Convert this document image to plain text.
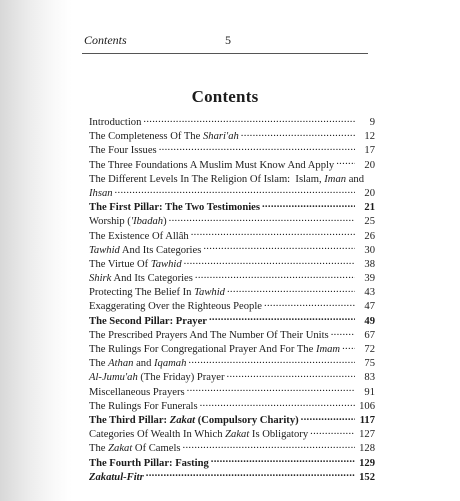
Contents	5
Contents
Introduction .....	9
The Completeness Of The Shari'ah .....	12
The Four Issues .....	17
The Three Foundations A Muslim Must Know And Apply .....	20
The Different Levels In The Religion Of Islam:  Islam, Iman and
Ihsan .....	20
The First Pillar: The Two Testimonies .....	21
Worship ('Ibadah) .....	25
The Existence Of Allâh .....	26
Tawhid And Its Categories .....	30
The Virtue Of Tawhid .....	38
Shirk And Its Categories .....	39
Protecting The Belief In Tawhid .....	43
Exaggerating Over the Righteous People .....	47
The Second Pillar: Prayer .....	49
The Prescribed Prayers And The Number Of Their Units .....	67
The Rulings For Congregational Prayer And For The Imam .....	72
The Athan and Iqamah .....	75
Al-Jumu'ah (The Friday) Prayer .....	83
Miscellaneous Prayers .....	91
The Rulings For Funerals .....	106
The Third Pillar: Zakat (Compulsory Charity) .....	117
Categories Of Wealth In Which Zakat Is Obligatory .....	127
The Zakat Of Camels .....	128
The Fourth Pillar: Fasting .....	129
Zakatul-Fitr .....	152
